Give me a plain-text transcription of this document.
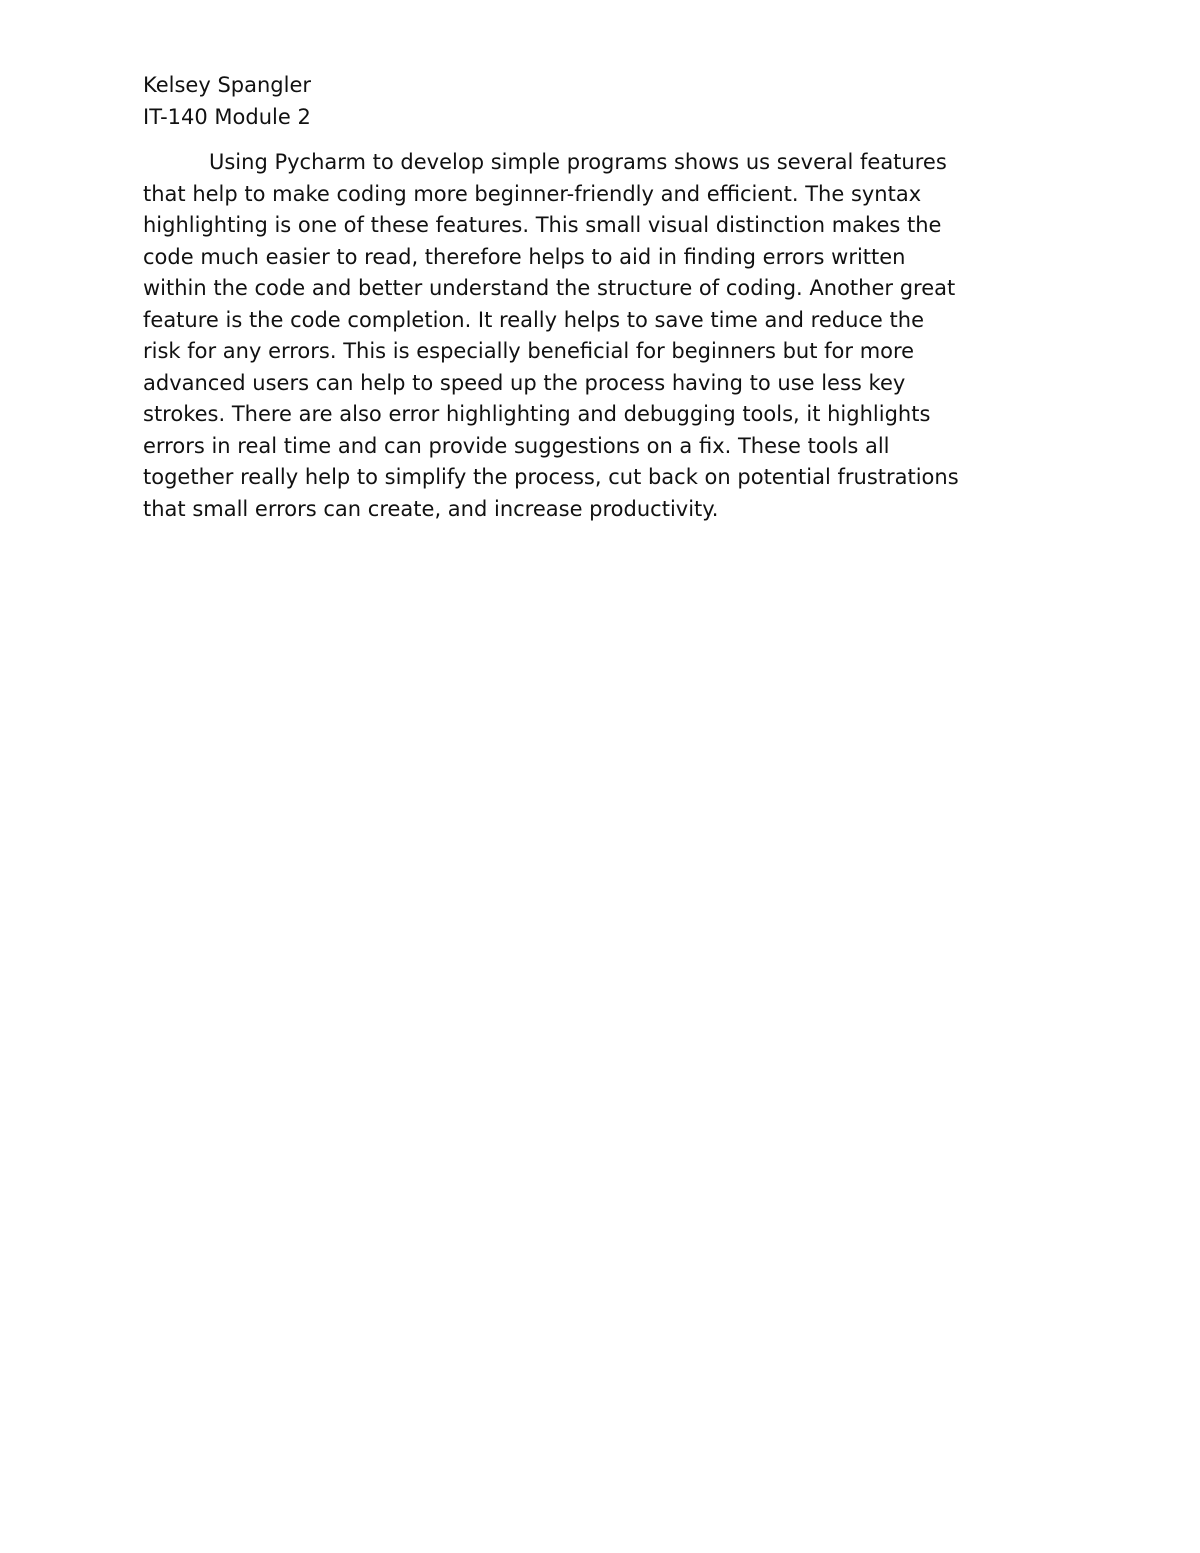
Kelsey Spangler

IT-140 Module 2

Using Pycharm to develop simple programs shows us several features
that help to make coding more beginner-friendly and efficient. The syntax
highlighting is one of these features. This small visual distinction makes the
code much easier to read, therefore helps to aid in finding errors written
within the code and better understand the structure of coding. Another great
feature is the code completion. It really helps to save time and reduce the
risk for any errors. This is especially beneficial for beginners but for more
advanced users can help to speed up the process having to use less key
strokes. There are also error highlighting and debugging tools, it highlights
errors in real time and can provide suggestions on a fix. These tools all
together really help to simplify the process, cut back on potential frustrations
that small errors can create, and increase productivity.
